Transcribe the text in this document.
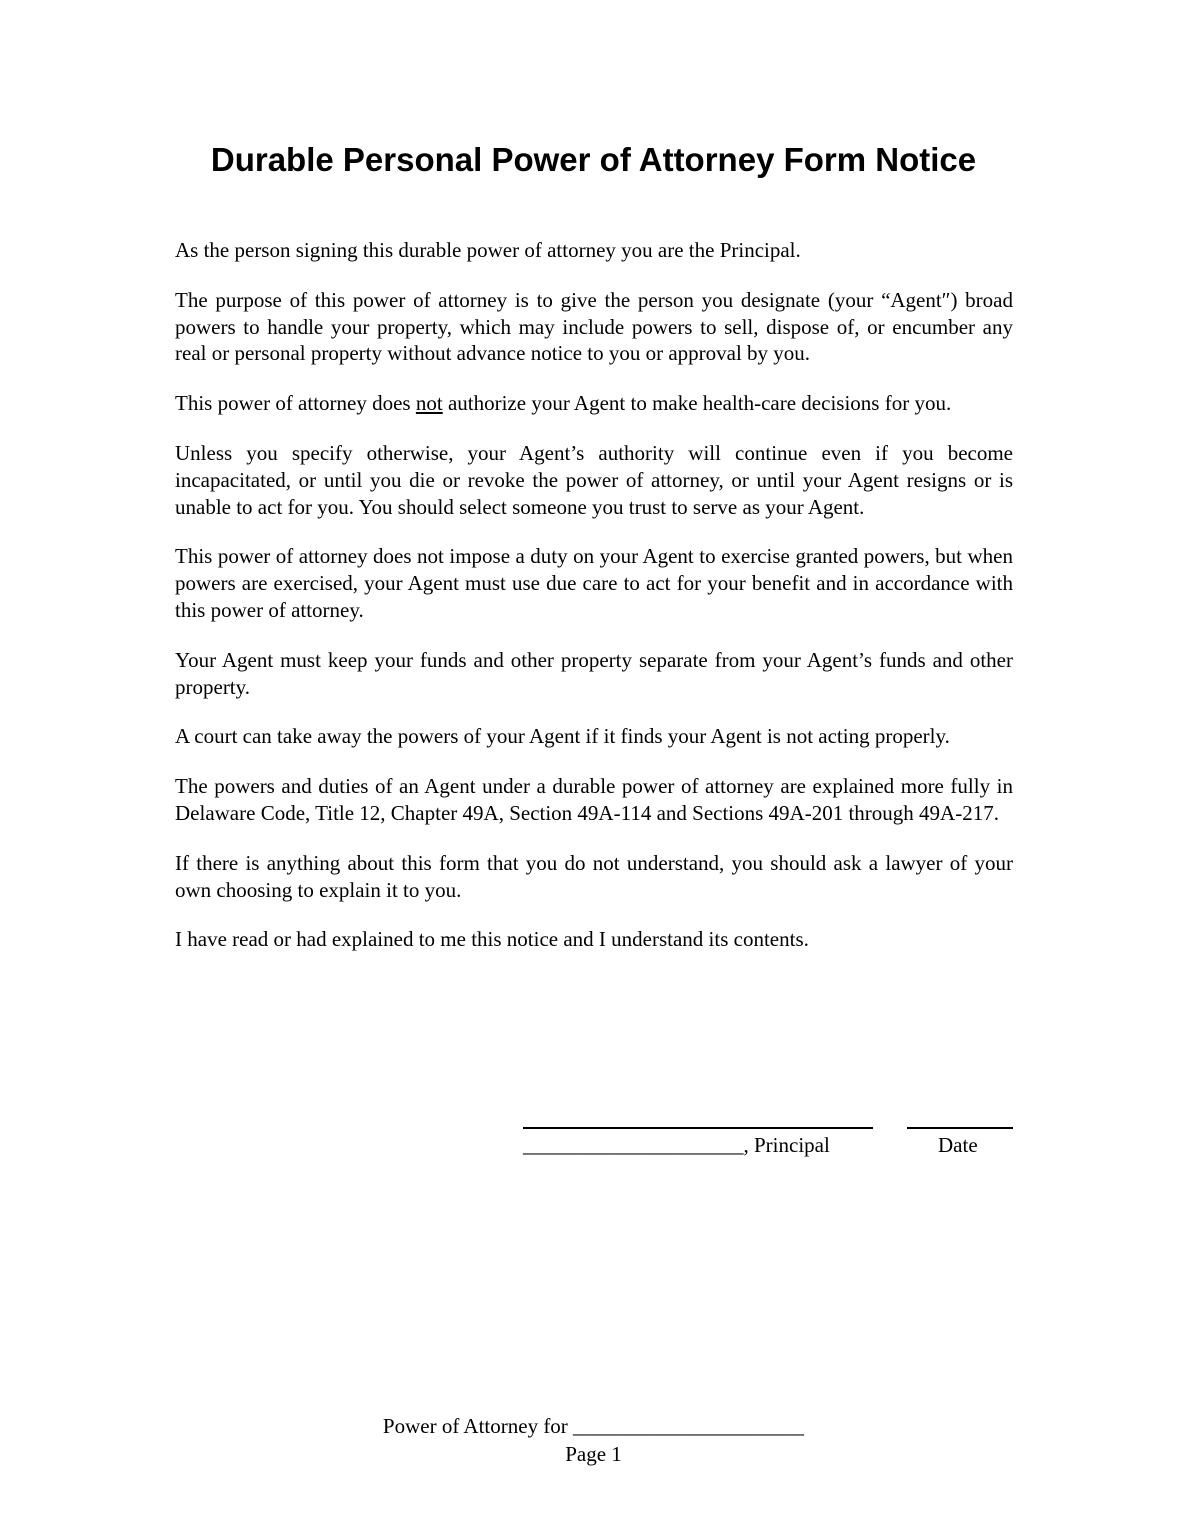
Durable Personal Power of Attorney Form Notice

As the person signing this durable power of attorney you are the Principal.

The purpose of this power of attorney is to give the person you designate (your “Agent″) broad powers to handle your property, which may include powers to sell, dispose of, or encumber any real or personal property without advance notice to you or approval by you.

This power of attorney does not authorize your Agent to make health-care decisions for you.

Unless you specify otherwise, your Agent’s authority will continue even if you become incapacitated, or until you die or revoke the power of attorney, or until your Agent resigns or is unable to act for you. You should select someone you trust to serve as your Agent.

This power of attorney does not impose a duty on your Agent to exercise granted powers, but when powers are exercised, your Agent must use due care to act for your benefit and in accordance with this power of attorney.

Your Agent must keep your funds and other property separate from your Agent’s funds and other property.

A court can take away the powers of your Agent if it finds your Agent is not acting properly.

The powers and duties of an Agent under a durable power of attorney are explained more fully in Delaware Code, Title 12, Chapter 49A, Section 49A-114 and Sections 49A-201 through 49A-217.

If there is anything about this form that you do not understand, you should ask a lawyer of your own choosing to explain it to you.

I have read or had explained to me this notice and I understand its contents.

_____________________, Principal	Date
Power of Attorney for ______________________
Page 1
